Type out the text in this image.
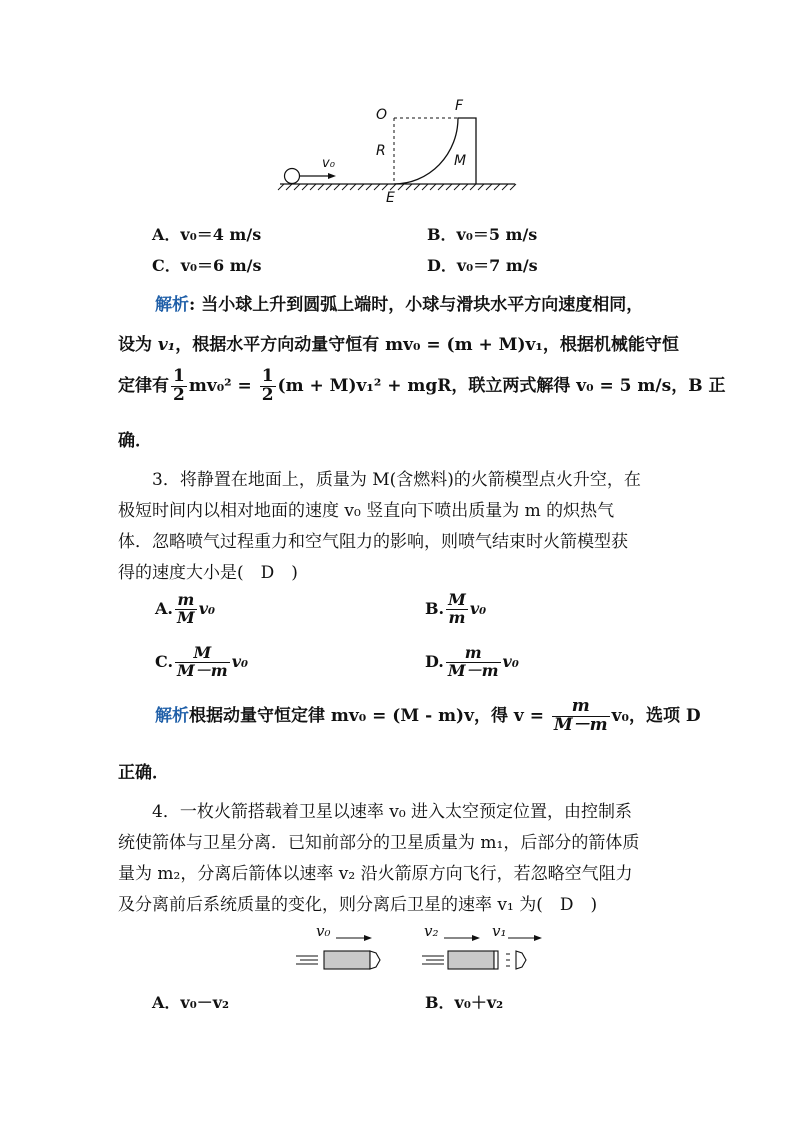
O
F
R
M
E
v₀
A．v₀＝4 m/s	B．v₀＝5 m/s
C．v₀＝6 m/s	D．v₀＝7 m/s
解析: 当小球上升到圆弧上端时，小球与滑块水平方向速度相同，
设为 v₁，根据水平方向动量守恒有 mv₀ = (m + M)v₁，根据机械能守恒
定律有 $\frac{1}{2} mv_0^2 = \frac{1}{2} (m + M)v_1^2$ + mgR，联立两式解得 v₀ = 5 m/s，B 正
确．
3．将静置在地面上，质量为 M(含燃料)的火箭模型点火升空，在
极短时间内以相对地面的速度 v₀ 竖直向下喷出质量为 m 的炽热气
体．忽略喷气过程重力和空气阻力的影响，则喷气结束时火箭模型获
得的速度大小是(　D　)
A. $\frac{m}{M} v_0$	B. $\frac{M}{m} v_0$
C. $\frac{M}{M-m} v_0$	D. $\frac{m}{M-m} v_0$
解析根据动量守恒定律 mv₀ = (M - m)v，得 $v = \frac{m}{M-m} v_0$，选项 D
正确．
4．一枚火箭搭载着卫星以速率 v₀ 进入太空预定位置，由控制系
统使箭体与卫星分离．已知前部分的卫星质量为 m₁，后部分的箭体质
量为 m₂，分离后箭体以速率 v₂ 沿火箭原方向飞行，若忽略空气阻力
及分离前后系统质量的变化，则分离后卫星的速率 v₁ 为(　D　)
v₀	v₂	v₁
A．v₀－v₂	B．v₀＋v₂
